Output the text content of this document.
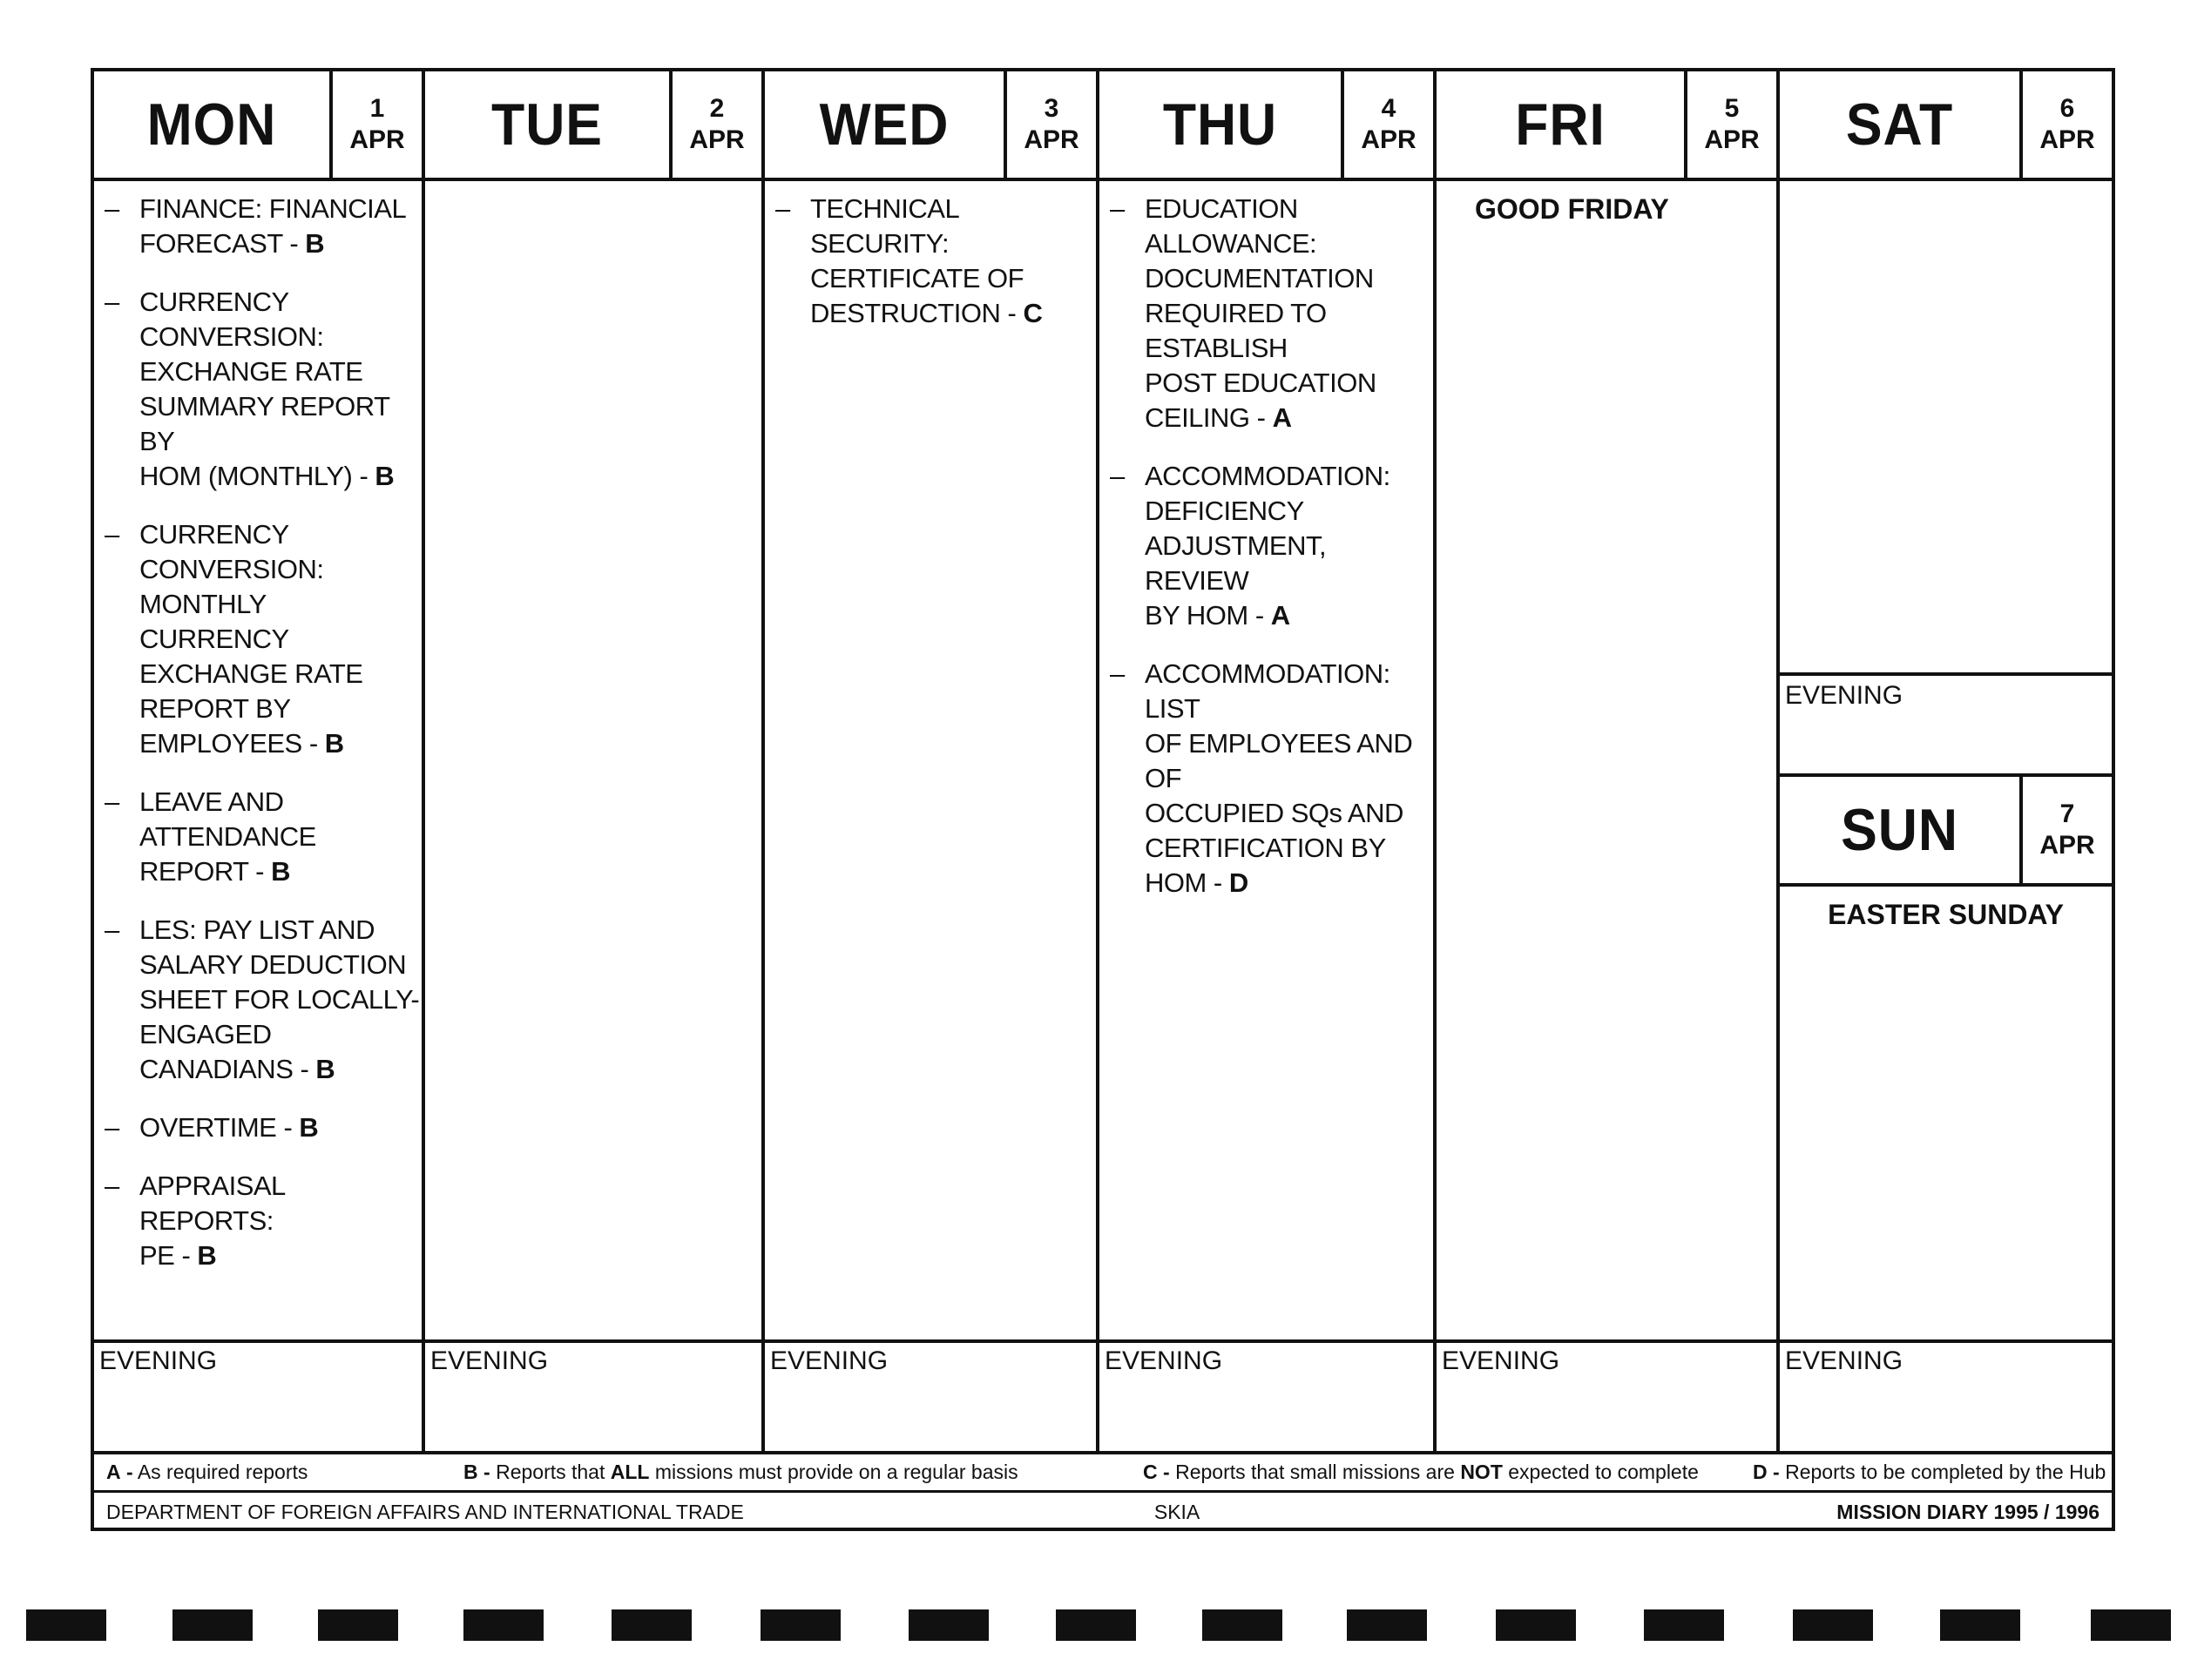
MON	1
APR
– FINANCE: FINANCIAL
FORECAST - B
– CURRENCY CONVERSION:
EXCHANGE RATE
SUMMARY REPORT BY
HOM (MONTHLY) - B
– CURRENCY CONVERSION:
MONTHLY CURRENCY
EXCHANGE RATE
REPORT BY
EMPLOYEES - B
– LEAVE AND
ATTENDANCE
REPORT - B
– LES: PAY LIST AND
SALARY DEDUCTION
SHEET FOR LOCALLY-
ENGAGED
CANADIANS - B
– OVERTIME - B
– APPRAISAL REPORTS:
PE - B
EVENING
TUE	2
APR
EVENING
WED	3
APR
– TECHNICAL SECURITY:
CERTIFICATE OF
DESTRUCTION - C
EVENING
THU	4
APR
– EDUCATION ALLOWANCE:
DOCUMENTATION
REQUIRED TO ESTABLISH
POST EDUCATION
CEILING - A
– ACCOMMODATION:
DEFICIENCY
ADJUSTMENT, REVIEW
BY HOM - A
– ACCOMMODATION: LIST
OF EMPLOYEES AND OF
OCCUPIED SQs AND
CERTIFICATION BY
HOM - D
EVENING
FRI	5
APR
GOOD FRIDAY
EVENING
SAT	6
APR
EVENING
SUN	7
APR
EASTER SUNDAY
EVENING
A - As required reports	B - Reports that ALL missions must provide on a regular basis	C - Reports that small missions are NOT expected to complete	D - Reports to be completed by the Hub
DEPARTMENT OF FOREIGN AFFAIRS AND INTERNATIONAL TRADE	SKIA	MISSION DIARY 1995 / 1996
